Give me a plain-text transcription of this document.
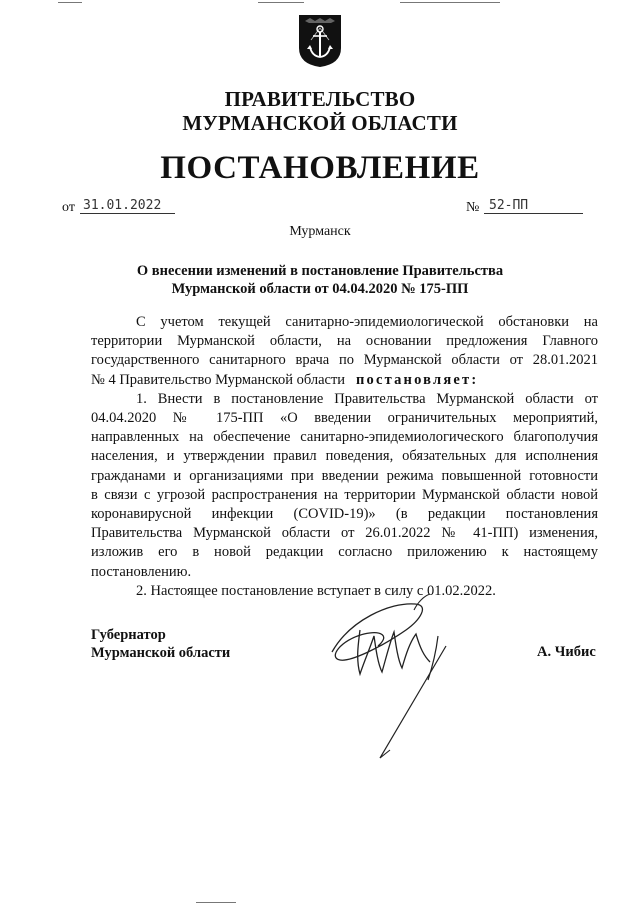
ПРАВИТЕЛЬСТВО
МУРМАНСКОЙ ОБЛАСТИ
ПОСТАНОВЛЕНИЕ
от 31.01.2022	№ 52-ПП
Мурманск
О внесении изменений в постановление Правительства
Мурманской области от 04.04.2020 № 175-ПП

С учетом текущей санитарно-эпидемиологической обстановки на

территории Мурманской области, на основании предложения Главного

государственного санитарного врача по Мурманской области от 28.01.2021

№ 4 Правительство Мурманской области постановляет:

1. Внести в постановление Правительства Мурманской области от

04.04.2020 № 175-ПП «О введении ограничительных мероприятий,

направленных на обеспечение санитарно-эпидемиологического благополучия

населения, и утверждении правил поведения, обязательных для исполнения

гражданами и организациями при введении режима повышенной готовности

в связи с угрозой распространения на территории Мурманской области новой

коронавирусной инфекции (COVID-19)» (в редакции постановления

Правительства Мурманской области от 26.01.2022 № 41-ПП) изменения,

изложив его в новой редакции согласно приложению к настоящему

постановлению.

2. Настоящее постановление вступает в силу с 01.02.2022.

Губернатор
Мурманской области	А. Чибис
